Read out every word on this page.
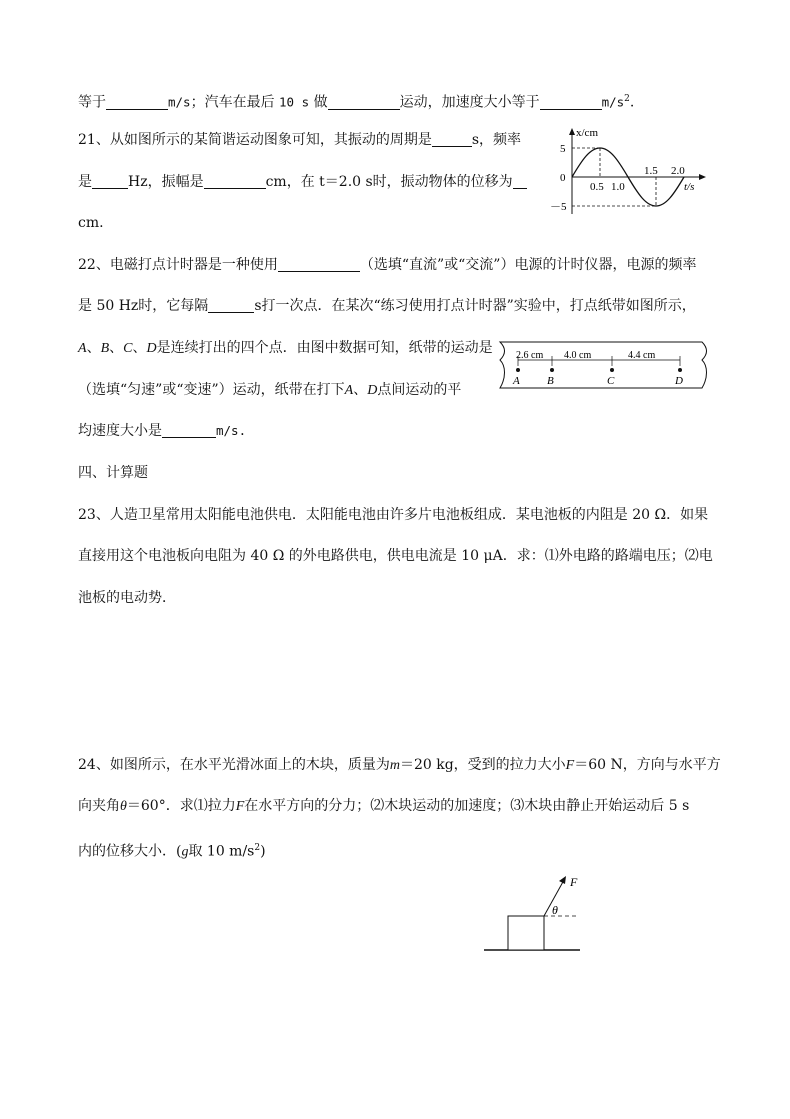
等于	m/s；汽车在最后 10 s 做	运动，加速度大小等于	$m/s^2$.
21、从如图所示的某简谐运动图象可知，其振动的周期是	s，频率
是	Hz，振幅是	cm，在 t＝2.0 s时，振动物体的位移为
cm.
x/cm
5
0
－5
0.5 1.0
1.5 2.0
t/s
22、电磁打点计时器是一种使用	（选填“直流”或“交流”）电源的计时仪器，电源的频率
是 50 Hz时，它每隔	s打一次点．在某次“练习使用打点计时器”实验中，打点纸带如图所示，
A、B、C、D是连续打出的四个点．由图中数据可知，纸带的运动是
（选填“匀速”或“变速”）运动，纸带在打下A、D点间运动的平
均速度大小是	m/s.
2.6 cm 4.0 cm	4.4 cm
A B	C	D
四、计算题
23、人造卫星常用太阳能电池供电．太阳能电池由许多片电池板组成．某电池板的内阻是 20 Ω．如果
直接用这个电池板向电阻为 40 Ω 的外电路供电，供电电流是 10 μA．求：⑴外电路的路端电压；⑵电
池板的电动势．
24、如图所示，在水平光滑冰面上的木块，质量为m＝20 kg，受到的拉力大小F＝60 N，方向与水平方
向夹角θ＝60°．求⑴拉力F在水平方向的分力；⑵木块运动的加速度；⑶木块由静止开始运动后 5 s
内的位移大小．(g取 10 $m/s^2$)
F
θ
